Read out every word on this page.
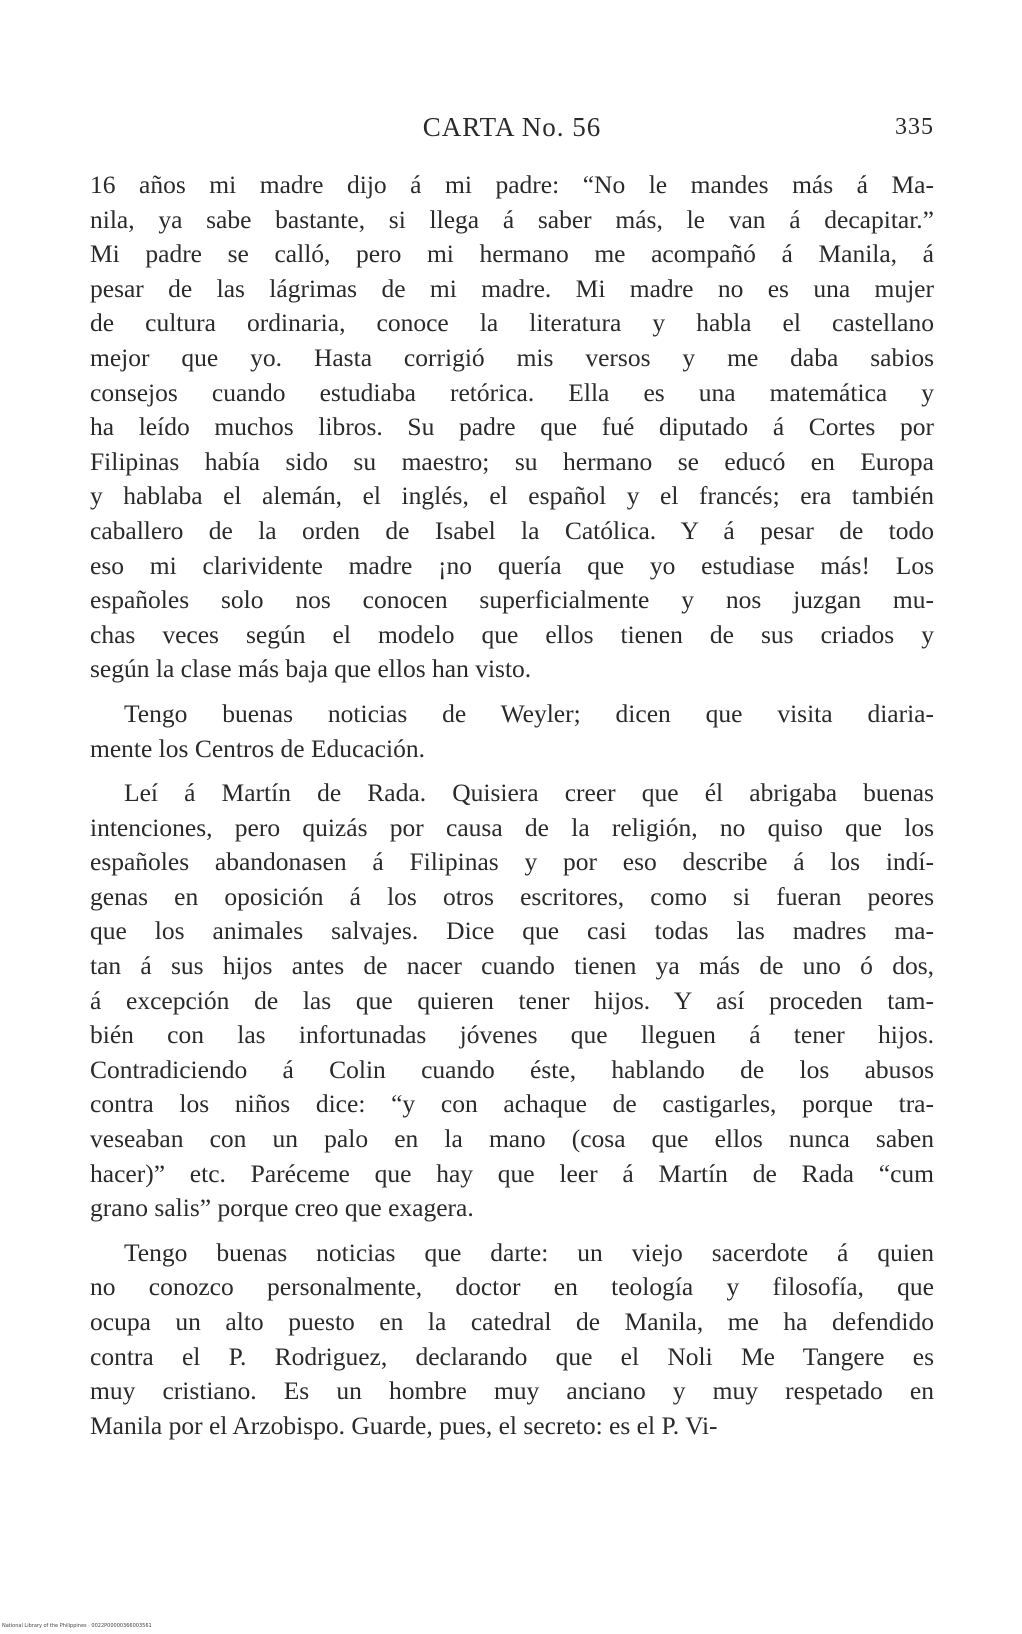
CARTA No. 56	335
16 años mi madre dijo á mi padre: “No le mandes más á Ma-
nila, ya sabe bastante, si llega á saber más, le van á decapitar.”
Mi padre se calló, pero mi hermano me acompañó á Manila, á
pesar de las lágrimas de mi madre. Mi madre no es una mujer
de cultura ordinaria, conoce la literatura y habla el castellano
mejor que yo. Hasta corrigió mis versos y me daba sabios
consejos cuando estudiaba retórica. Ella es una matemática y
ha leído muchos libros. Su padre que fué diputado á Cortes por
Filipinas había sido su maestro; su hermano se educó en Europa
y hablaba el alemán, el inglés, el español y el francés; era también
caballero de la orden de Isabel la Católica. Y á pesar de todo
eso mi clarividente madre ¡no quería que yo estudiase más! Los
españoles solo nos conocen superficialmente y nos juzgan mu-
chas veces según el modelo que ellos tienen de sus criados y
según la clase más baja que ellos han visto.
Tengo buenas noticias de Weyler; dicen que visita diaria-
mente los Centros de Educación.
Leí á Martín de Rada. Quisiera creer que él abrigaba buenas
intenciones, pero quizás por causa de la religión, no quiso que los
españoles abandonasen á Filipinas y por eso describe á los indí-
genas en oposición á los otros escritores, como si fueran peores
que los animales salvajes. Dice que casi todas las madres ma-
tan á sus hijos antes de nacer cuando tienen ya más de uno ó dos,
á excepción de las que quieren tener hijos. Y así proceden tam-
bién con las infortunadas jóvenes que lleguen á tener hijos.
Contradiciendo á Colin cuando éste, hablando de los abusos
contra los niños dice: “y con achaque de castigarles, porque tra-
veseaban con un palo en la mano (cosa que ellos nunca saben
hacer)” etc. Paréceme que hay que leer á Martín de Rada “cum
grano salis” porque creo que exagera.
Tengo buenas noticias que darte: un viejo sacerdote á quien
no conozco personalmente, doctor en teología y filosofía, que
ocupa un alto puesto en la catedral de Manila, me ha defendido
contra el P. Rodriguez, declarando que el Noli Me Tangere es
muy cristiano. Es un hombre muy anciano y muy respetado en
Manila por el Arzobispo. Guarde, pues, el secreto: es el P. Vi-
National Library of the Philippines · 0022P00000366003561
